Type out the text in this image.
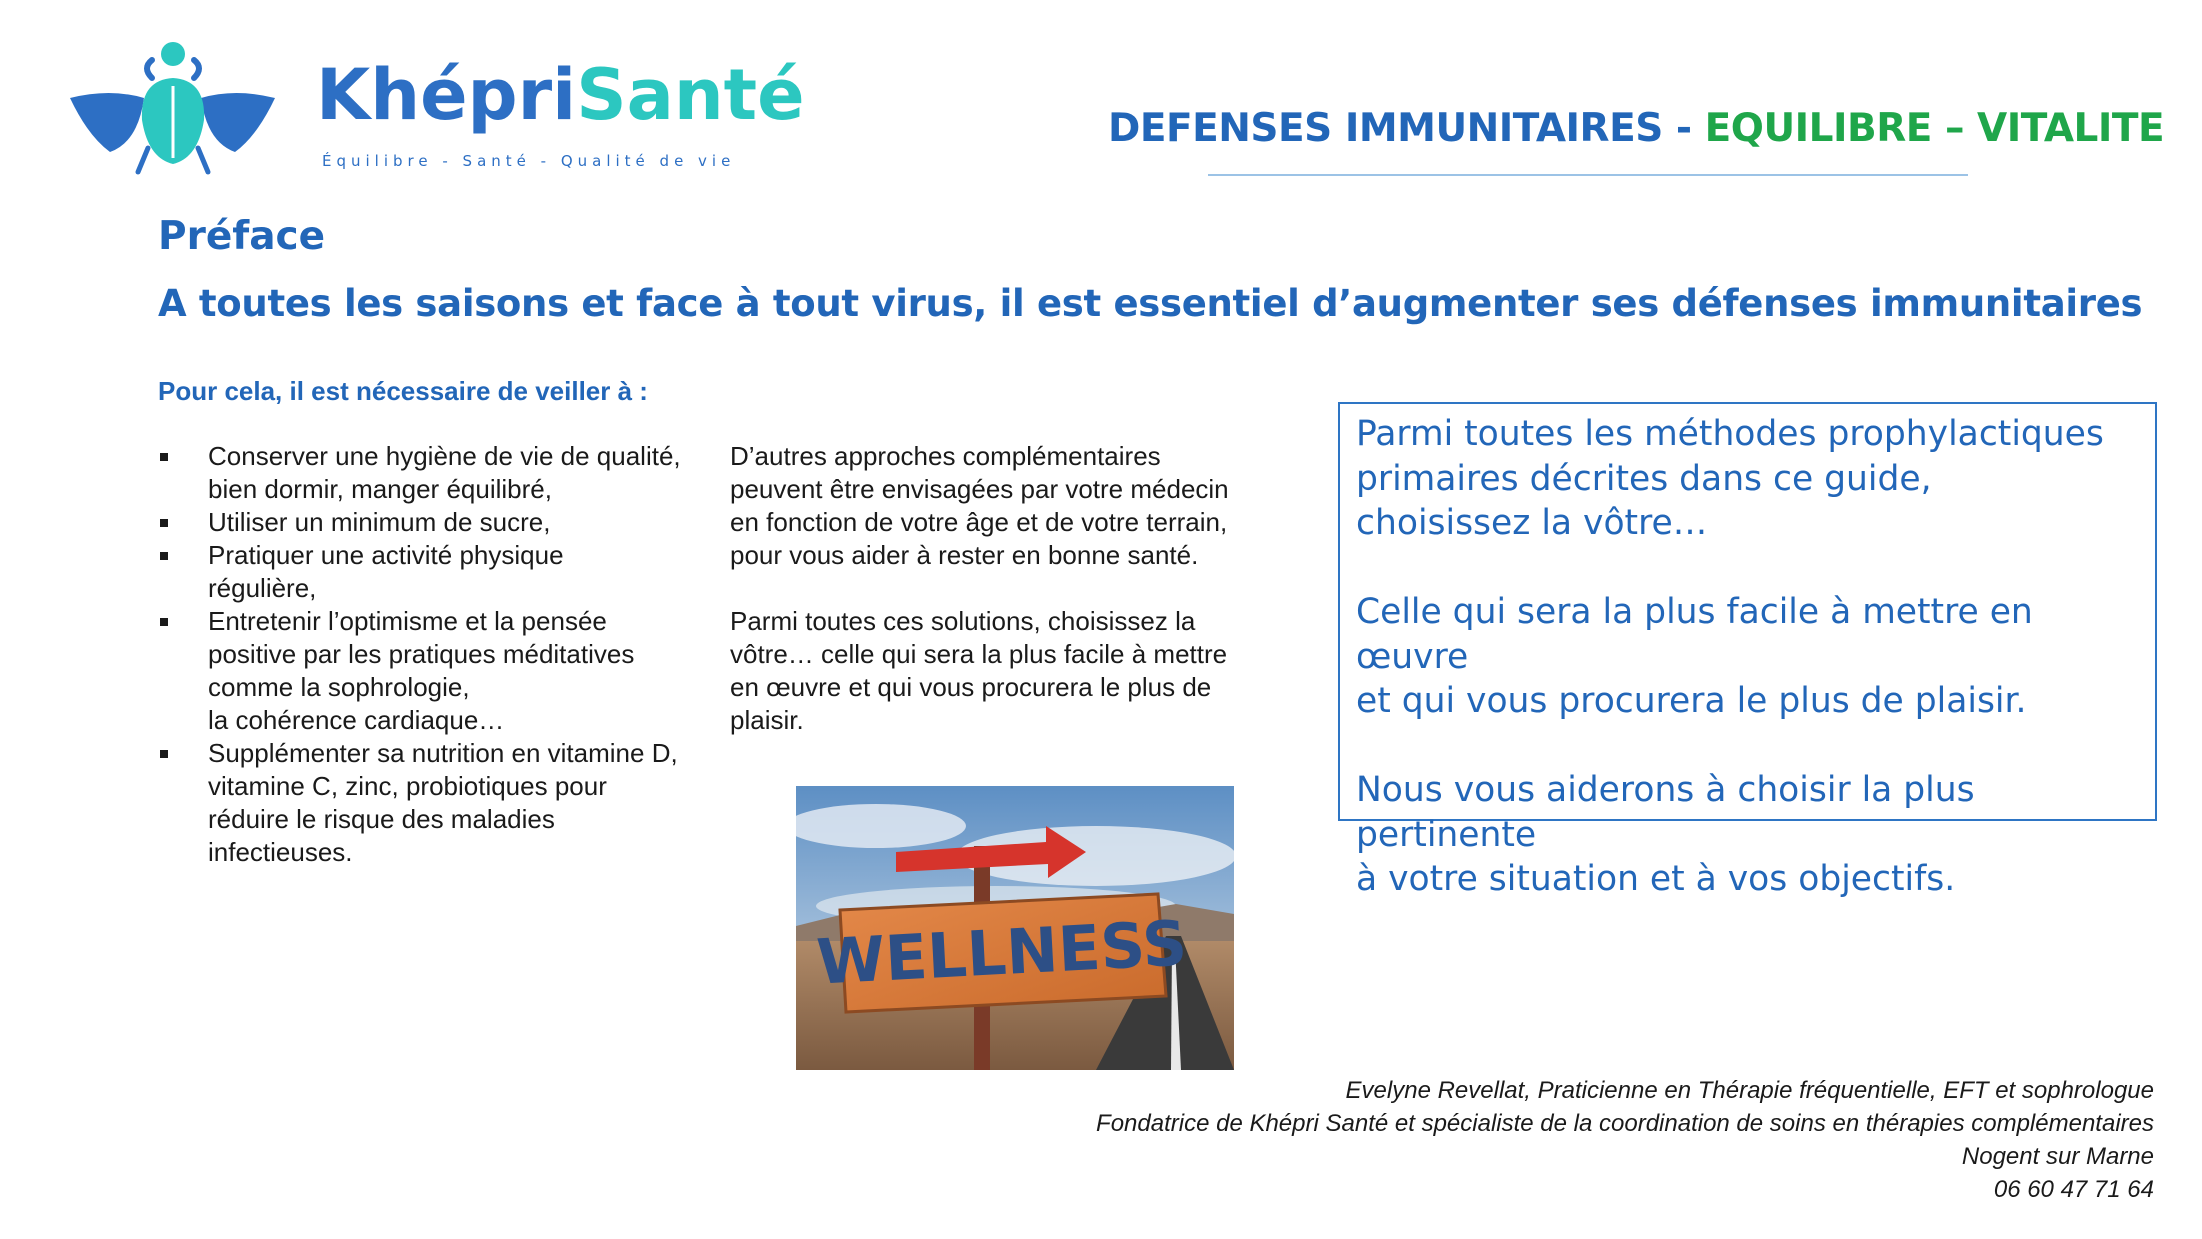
KhépriSanté
Équilibre - Santé - Qualité de vie
DEFENSES IMMUNITAIRES - EQUILIBRE – VITALITE
Préface
A toutes les saisons et face à tout virus, il est essentiel d’augmenter ses défenses immunitaires
Pour cela, il est nécessaire de veiller à :
Conserver une hygiène de vie de qualité,
bien dormir, manger équilibré,
Utiliser un minimum de sucre,
Pratiquer une activité physique
régulière,
Entretenir l’optimisme et la pensée
positive par les pratiques méditatives
comme la sophrologie,
la cohérence cardiaque…
Supplémenter sa nutrition en vitamine D,
vitamine C, zinc, probiotiques pour
réduire le risque des maladies
infectieuses.

D’autres approches complémentaires
peuvent être envisagées par votre médecin
en fonction de votre âge et de votre terrain,
pour vous aider à rester en bonne santé.

Parmi toutes ces solutions, choisissez la
vôtre… celle qui sera la plus facile à mettre
en œuvre et qui vous procurera le plus de
plaisir.

WELLNESS

Parmi toutes les méthodes prophylactiques
primaires décrites dans ce guide,
choisissez la vôtre…

Celle qui sera la plus facile à mettre en œuvre
et qui vous procurera le plus de plaisir.

Nous vous aiderons à choisir la plus pertinente
à votre situation et à vos objectifs.

Evelyne Revellat, Praticienne en Thérapie fréquentielle, EFT et sophrologue
Fondatrice de Khépri Santé et spécialiste de la coordination de soins en thérapies complémentaires
Nogent sur Marne
06 60 47 71 64
